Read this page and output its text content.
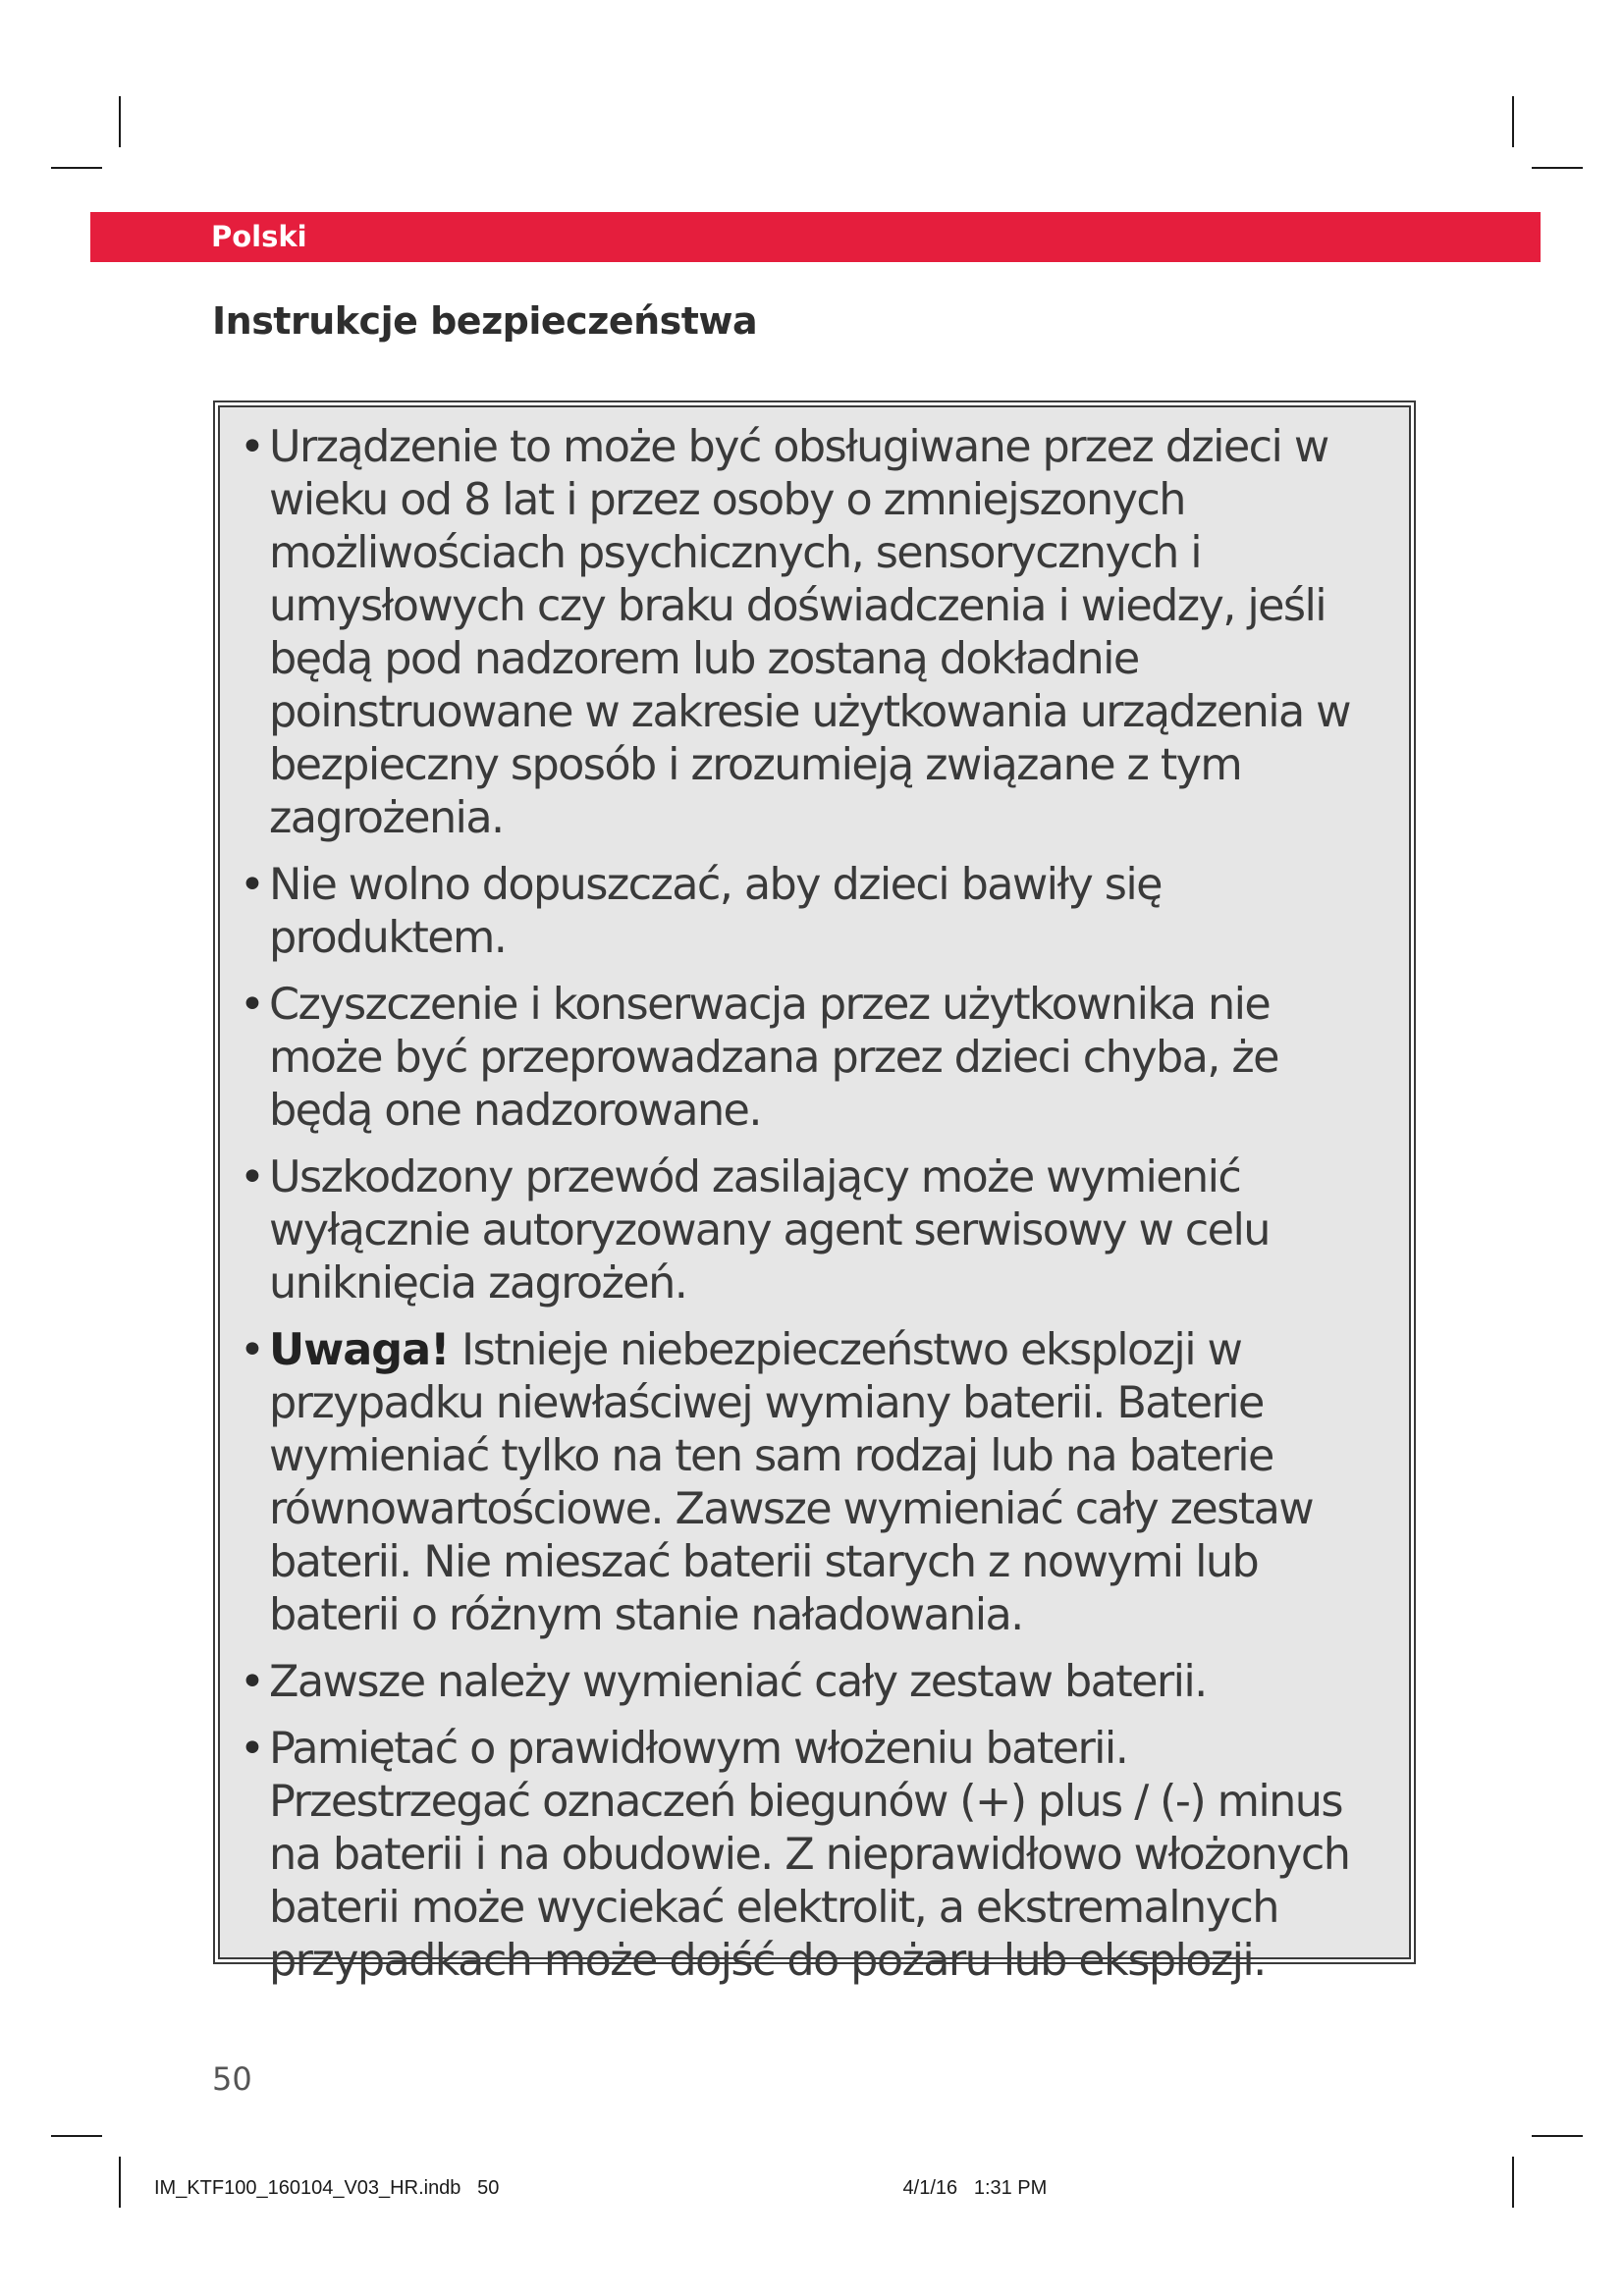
Polski
Instrukcje bezpieczeństwa
• Urządzenie to może być obsługiwane przez dzieci w wieku od 8 lat i przez osoby o zmniejszonych możliwościach psychicznych, sensorycznych i umysłowych czy braku doświadczenia i wiedzy, jeśli będą pod nadzorem lub zostaną dokładnie poinstruowane w zakresie użytkowania urządzenia w bezpieczny sposób i zrozumieją związane z tym zagrożenia.
• Nie wolno dopuszczać, aby dzieci bawiły się produktem.
• Czyszczenie i konserwacja przez użytkownika nie może być przeprowadzana przez dzieci chyba, że będą one nadzorowane.
• Uszkodzony przewód zasilający może wymienić wyłącznie autoryzowany agent serwisowy w celu uniknięcia zagrożeń.
• Uwaga! Istnieje niebezpieczeństwo eksplozji w przypadku niewłaściwej wymiany baterii. Baterie wymieniać tylko na ten sam rodzaj lub na baterie równowartościowe. Zawsze wymieniać cały zestaw baterii. Nie mieszać baterii starych z nowymi lub baterii o różnym stanie naładowania.
• Zawsze należy wymieniać cały zestaw baterii.
• Pamiętać o prawidłowym włożeniu baterii. Przestrzegać oznaczeń biegunów (+) plus / (-) minus na baterii i na obudowie. Z nieprawidłowo włożonych baterii może wyciekać elektrolit, a ekstremalnych przypadkach może dojść do pożaru lub eksplozji.
50
IM_KTF100_160104_V03_HR.indb   50                                                                          4/1/16   1:31 PM
